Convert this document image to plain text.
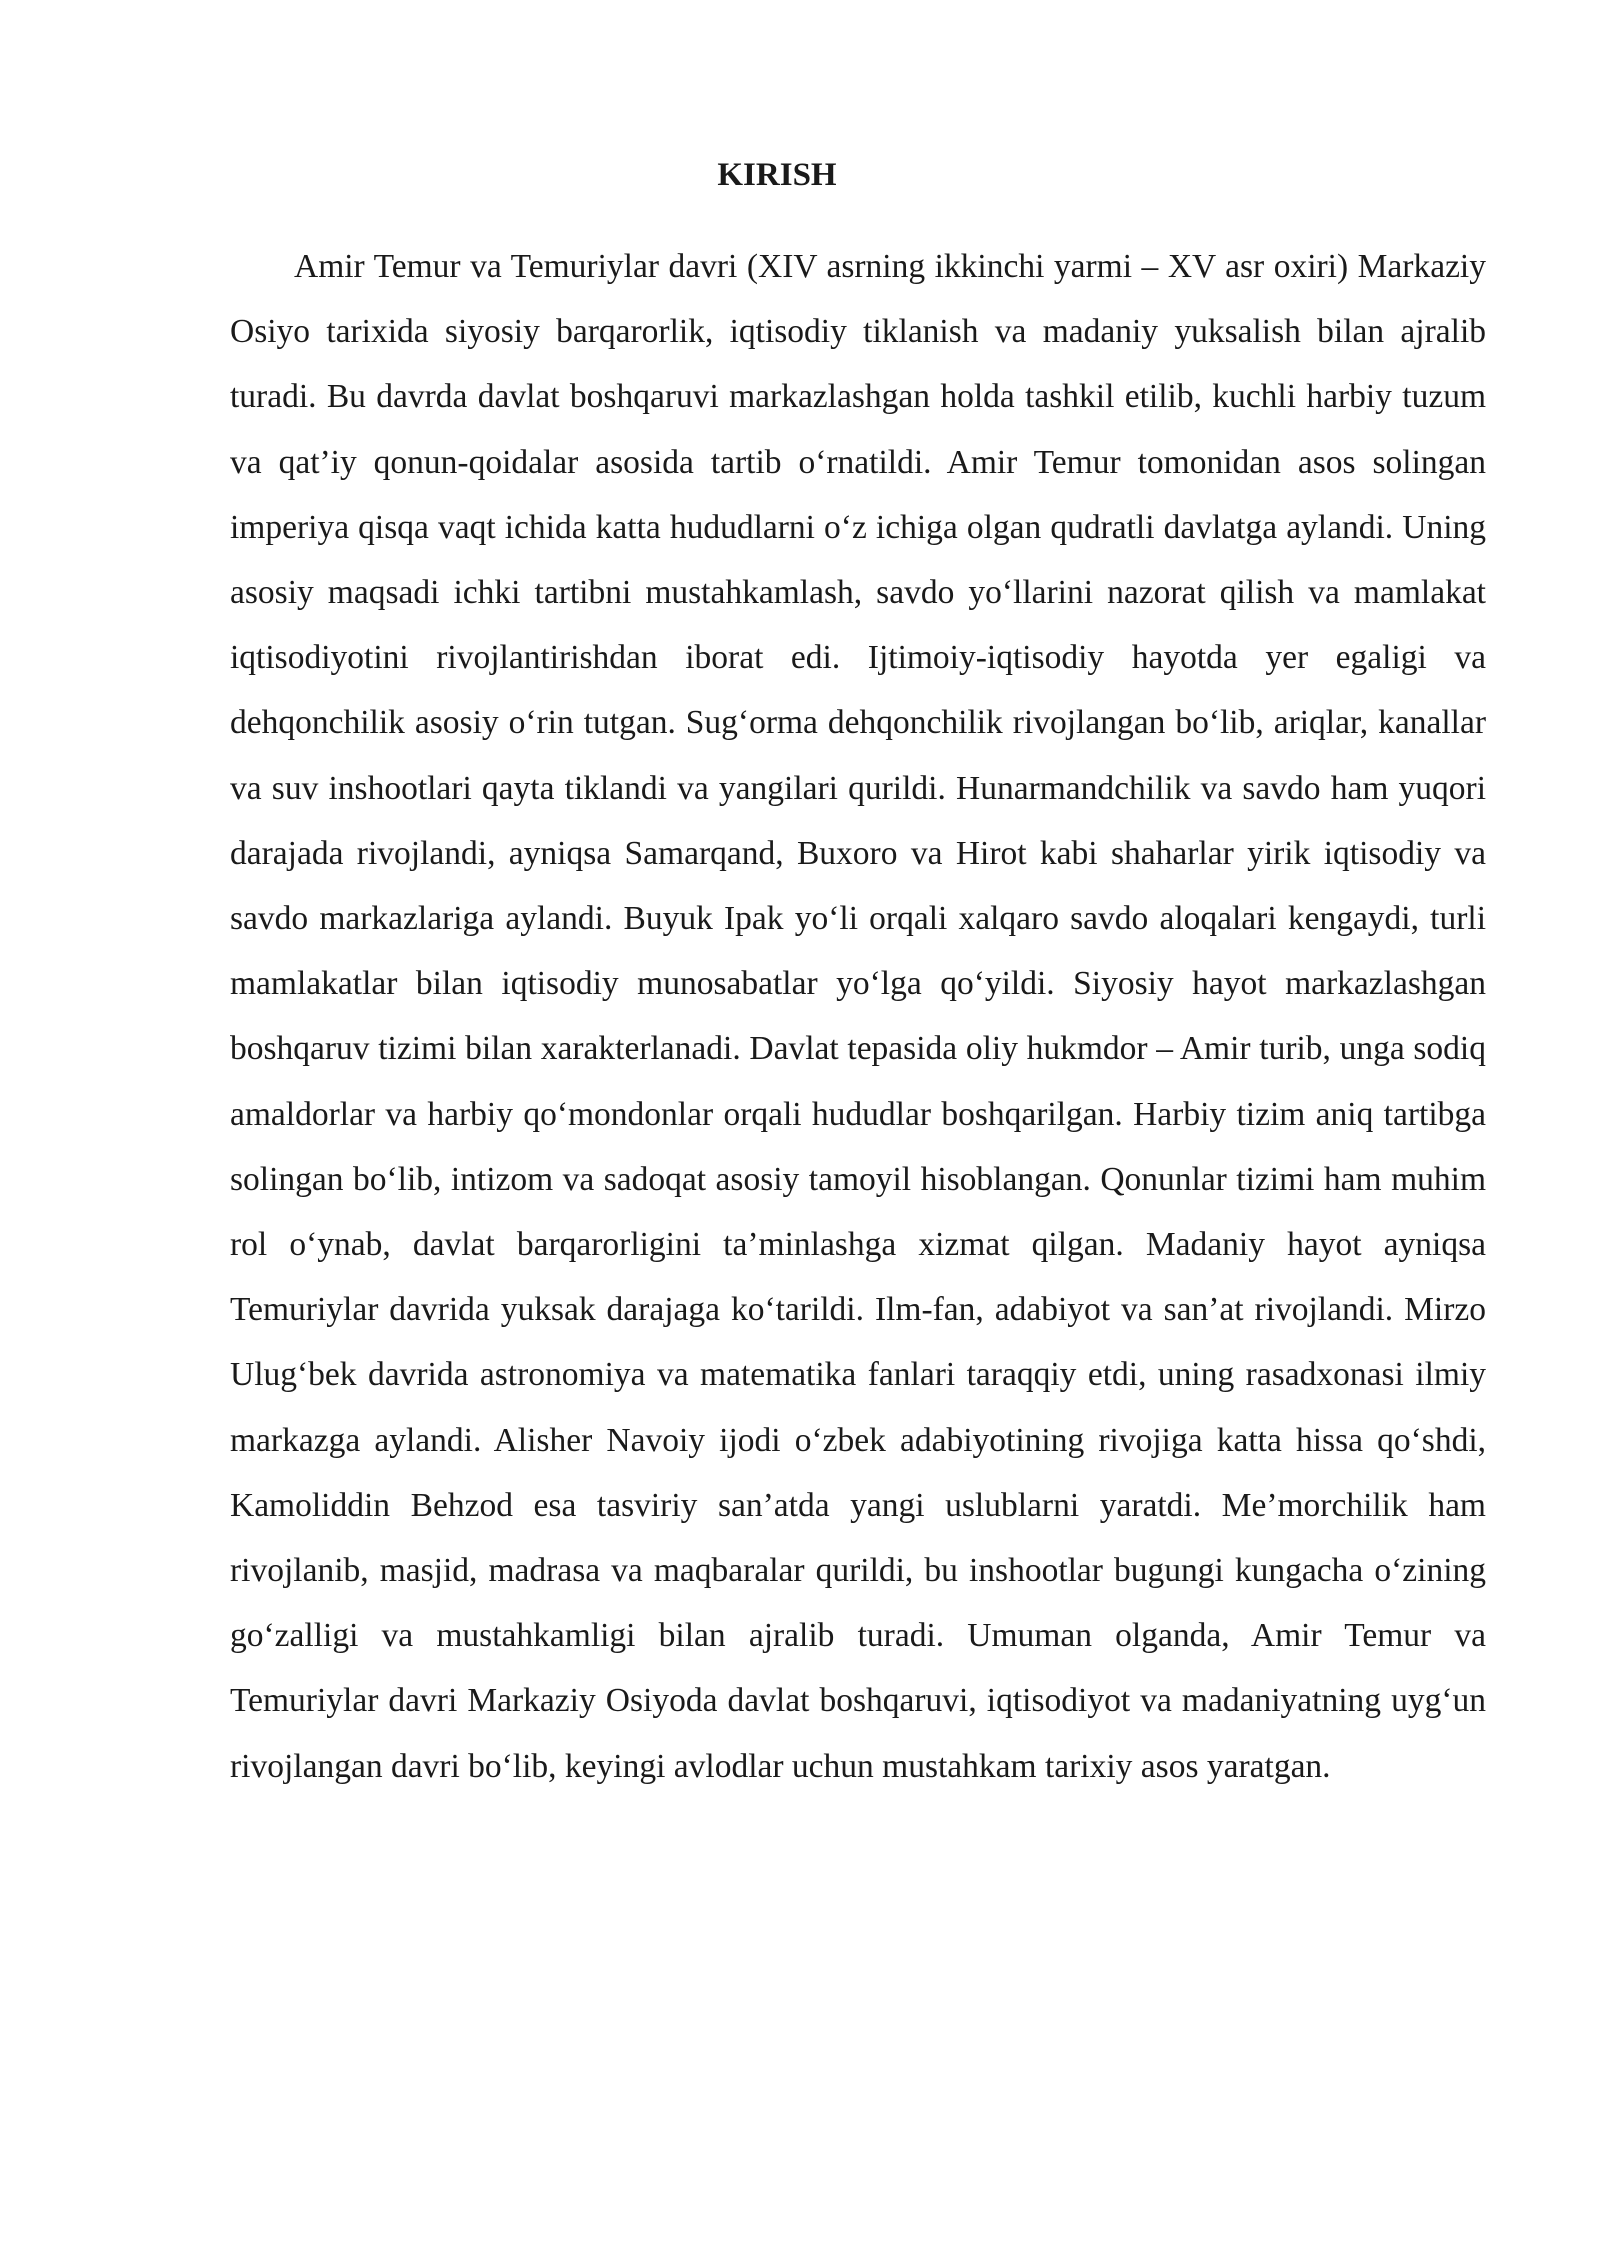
KIRISH

Amir Temur va Temuriylar davri (XIV asrning ikkinchi yarmi – XV asr oxiri) Markaziy Osiyo tarixida siyosiy barqarorlik, iqtisodiy tiklanish va madaniy yuksalish bilan ajralib turadi. Bu davrda davlat boshqaruvi markazlashgan holda tashkil etilib, kuchli harbiy tuzum va qat’iy qonun-qoidalar asosida tartib o‘rnatildi. Amir Temur tomonidan asos solingan imperiya qisqa vaqt ichida katta hududlarni o‘z ichiga olgan qudratli davlatga aylandi. Uning asosiy maqsadi ichki tartibni mustahkamlash, savdo yo‘llarini nazorat qilish va mamlakat iqtisodiyotini rivojlantirishdan iborat edi. Ijtimoiy-iqtisodiy hayotda yer egaligi va dehqonchilik asosiy o‘rin tutgan. Sug‘orma dehqonchilik rivojlangan bo‘lib, ariqlar, kanallar va suv inshootlari qayta tiklandi va yangilari qurildi. Hunarmandchilik va savdo ham yuqori darajada rivojlandi, ayniqsa Samarqand, Buxoro va Hirot kabi shaharlar yirik iqtisodiy va savdo markazlariga aylandi. Buyuk Ipak yo‘li orqali xalqaro savdo aloqalari kengaydi, turli mamlakatlar bilan iqtisodiy munosabatlar yo‘lga qo‘yildi. Siyosiy hayot markazlashgan boshqaruv tizimi bilan xarakterlanadi. Davlat tepasida oliy hukmdor – Amir turib, unga sodiq amaldorlar va harbiy qo‘mondonlar orqali hududlar boshqarilgan. Harbiy tizim aniq tartibga solingan bo‘lib, intizom va sadoqat asosiy tamoyil hisoblangan. Qonunlar tizimi ham muhim rol o‘ynab, davlat barqarorligini ta’minlashga xizmat qilgan. Madaniy hayot ayniqsa Temuriylar davrida yuksak darajaga ko‘tarildi. Ilm-fan, adabiyot va san’at rivojlandi. Mirzo Ulug‘bek davrida astronomiya va matematika fanlari taraqqiy etdi, uning rasadxonasi ilmiy markazga aylandi. Alisher Navoiy ijodi o‘zbek adabiyotining rivojiga katta hissa qo‘shdi, Kamoliddin Behzod esa tasviriy san’atda yangi uslublarni yaratdi. Me’morchilik ham rivojlanib, masjid, madrasa va maqbaralar qurildi, bu inshootlar bugungi kungacha o‘zining go‘zalligi va mustahkamligi bilan ajralib turadi. Umuman olganda, Amir Temur va Temuriylar davri Markaziy Osiyoda davlat boshqaruvi, iqtisodiyot va madaniyatning uyg‘un rivojlangan davri bo‘lib, keyingi avlodlar uchun mustahkam tarixiy asos yaratgan.
